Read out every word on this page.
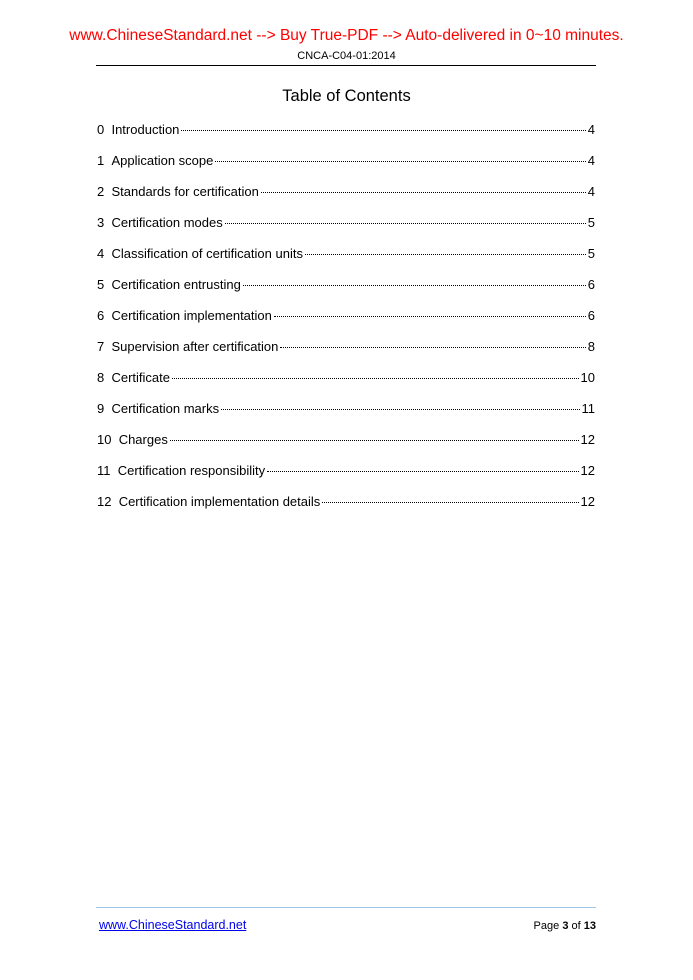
www.ChineseStandard.net --> Buy True-PDF --> Auto-delivered in 0~10 minutes.
CNCA-C04-01:2014
Table of Contents
0 Introduction	4
1 Application scope	4
2 Standards for certification	4
3 Certification modes	5
4 Classification of certification units	5
5 Certification entrusting	6
6 Certification implementation	6
7 Supervision after certification	8
8 Certificate	10
9 Certification marks	11
10 Charges	12
11 Certification responsibility	12
12 Certification implementation details	12
www.ChineseStandard.net	Page 3 of 13
